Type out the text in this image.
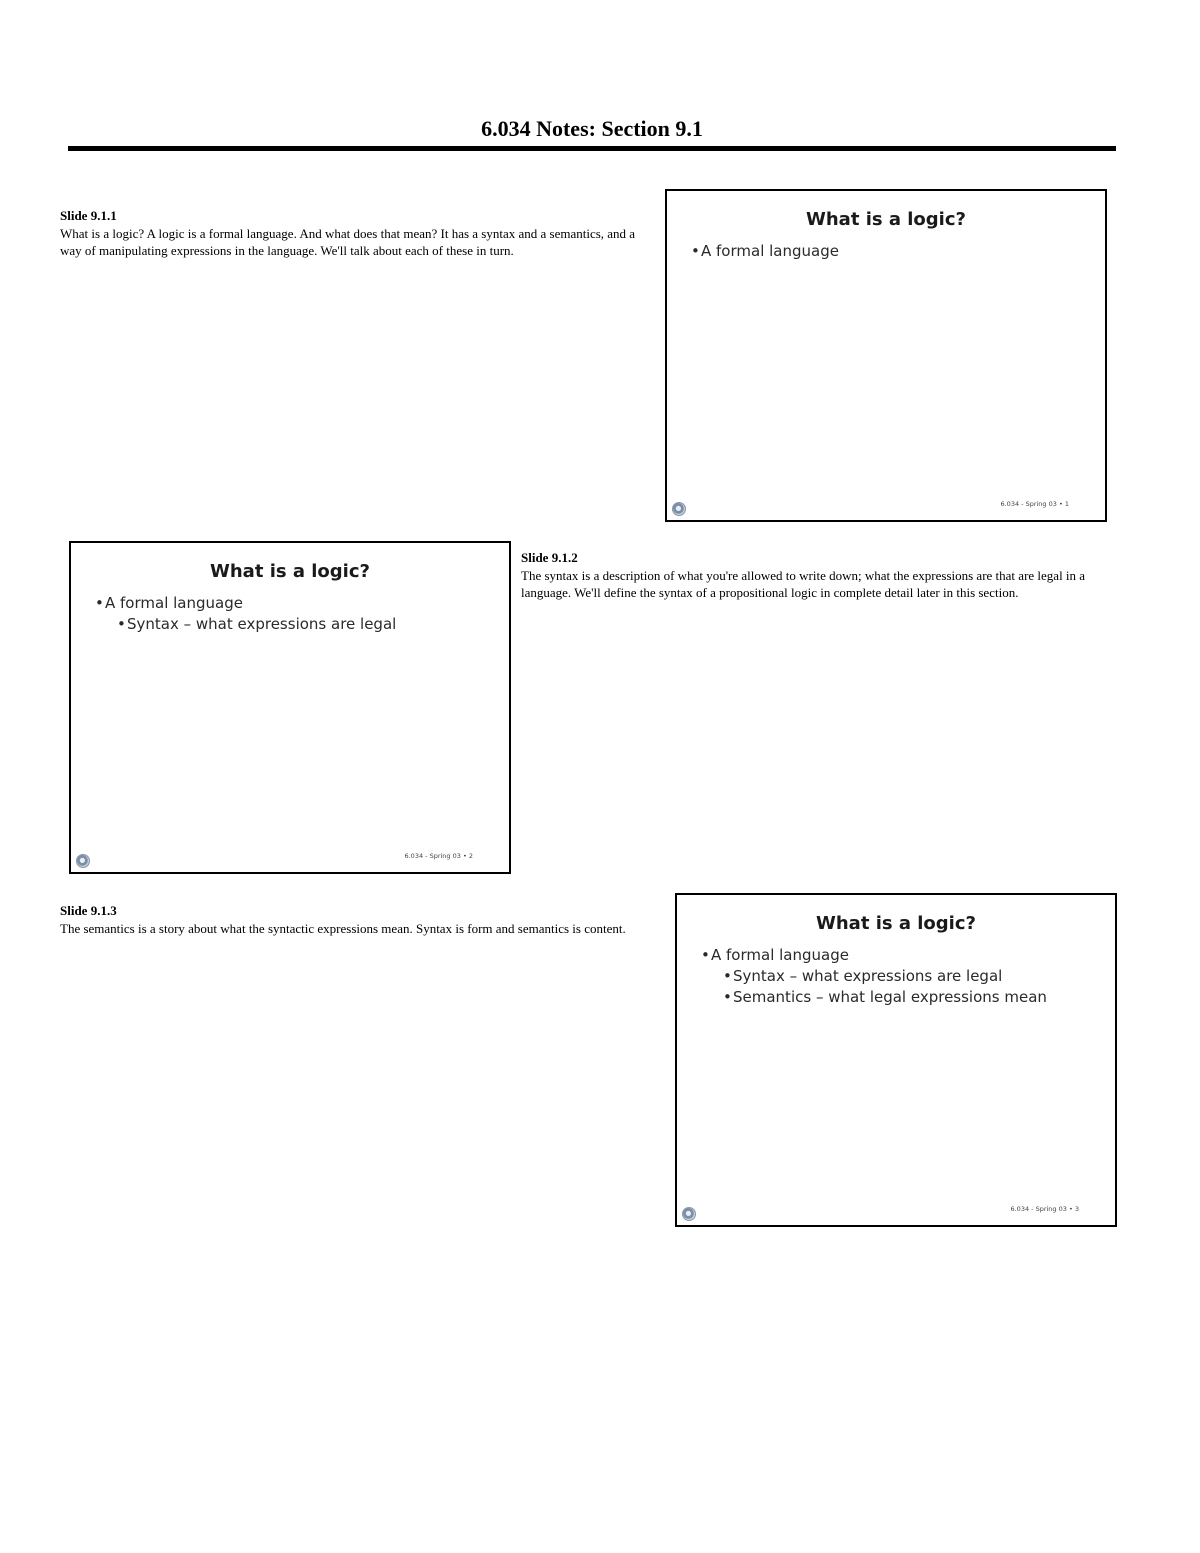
6.034 Notes: Section 9.1
Slide 9.1.1

What is a logic? A logic is a formal language. And what does that mean? It has a syntax and a semantics, and a way of manipulating expressions in the language. We'll talk about each of these in turn.

What is a logic?
•A formal language
6.034 - Spring 03 • 1
What is a logic?
•A formal language
•Syntax – what expressions are legal
6.034 - Spring 03 • 2
Slide 9.1.2

The syntax is a description of what you're allowed to write down; what the expressions are that are legal in a language. We'll define the syntax of a propositional logic in complete detail later in this section.

Slide 9.1.3

The semantics is a story about what the syntactic expressions mean. Syntax is form and semantics is content.	What is a logic?
•A formal language
•Syntax – what expressions are legal
•Semantics – what legal expressions mean
6.034 - Spring 03 • 3
